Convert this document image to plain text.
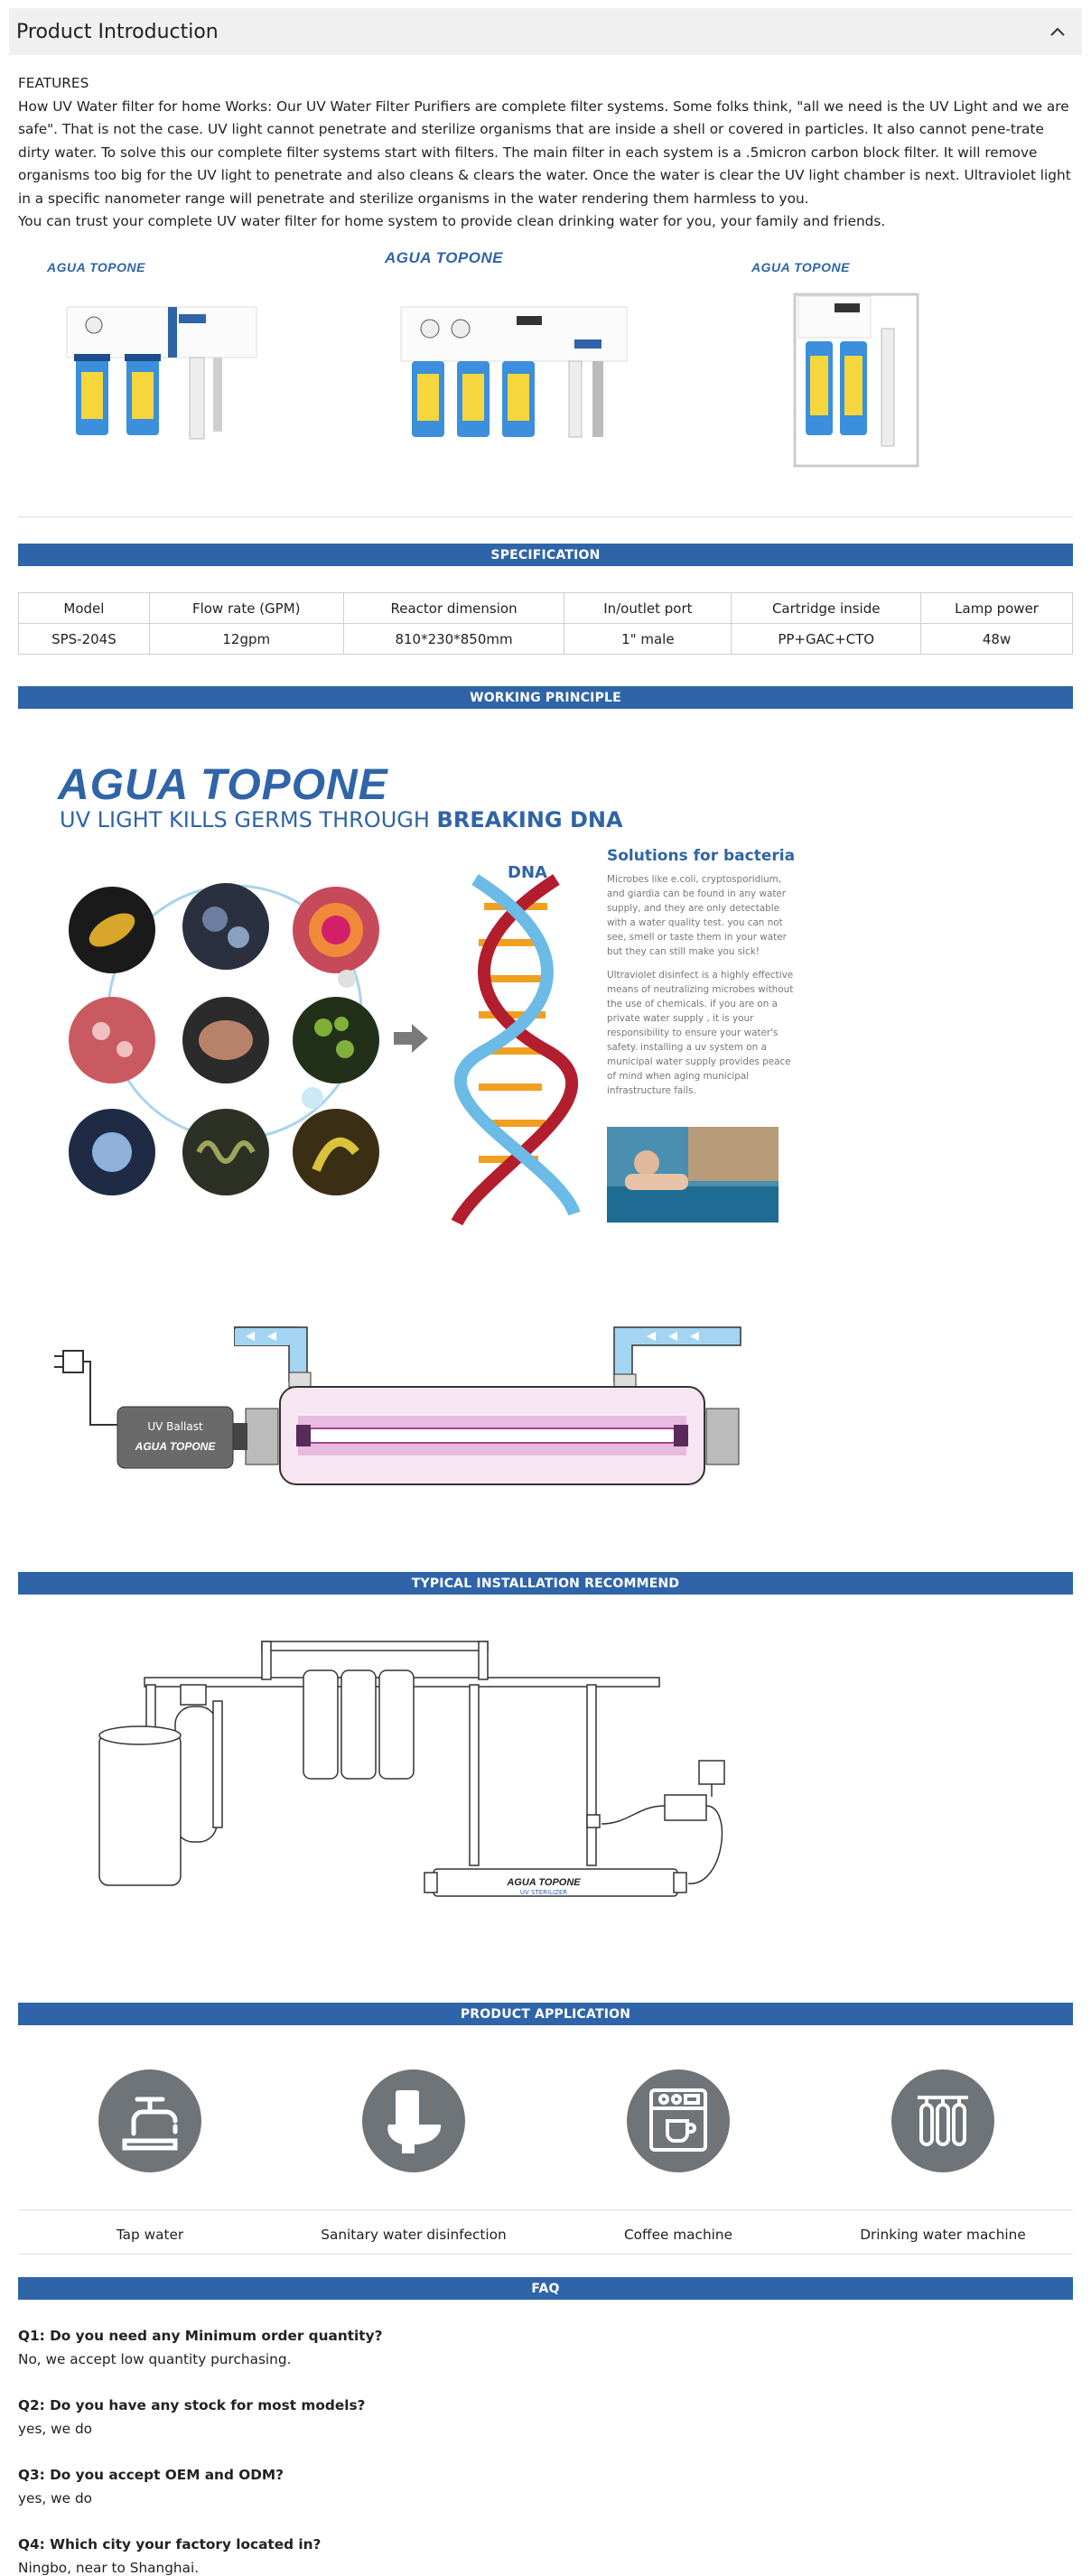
Product Introduction
FEATURES
How UV Water filter for home Works: Our UV Water Filter Purifiers are complete filter systems. Some folks think, "all we need is the UV Light and we are safe". That is not the case. UV light cannot penetrate and sterilize organisms that are inside a shell or covered in particles. It also cannot pene-trate dirty water. To solve this our complete filter systems start with filters. The main filter in each system is a .5micron carbon block filter. It will remove organisms too big for the UV light to penetrate and also cleans & clears the water. Once the water is clear the UV light chamber is next. Ultraviolet light in a specific nanometer range will penetrate and sterilize organisms in the water rendering them harmless to you.
You can trust your complete UV water filter for home system to provide clean drinking water for you, your family and friends.
AGUA TOPONE
AGUA TOPONE
AGUA TOPONE
SPECIFICATION
Model	Flow rate (GPM)	Reactor dimension	In/outlet port	Cartridge inside	Lamp power
SPS-204S	12gpm	810*230*850mm	1" male	PP+GAC+CTO	48w
WORKING PRINCIPLE
AGUA TOPONE
UV LIGHT KILLS GERMS THROUGH BREAKING DNA
DNA
Solutions for bacteria
Microbes like e.coli, cryptosporidium, and giardia can be found in any water supply, and they are only detectable with a water quality test. you can not see, smell or taste them in your water but they can still make you sick!
Ultraviolet disinfect is a highly effective means of neutralizing microbes without the use of chemicals. if you are on a private water supply , it is your responsibility to ensure your water's safety. installing a uv system on a municipal water supply provides peace of mind when aging municipal infrastructure fails.
UV Ballast
AGUA TOPONE
TYPICAL INSTALLATION RECOMMEND
AGUA TOPONE
UV STERILIZER
PRODUCT APPLICATION
Tap water	Sanitary water disinfection	Coffee machine	Drinking water machine
FAQ
Q1: Do you need any Minimum order quantity?
No, we accept low quantity purchasing.
Q2: Do you have any stock for most models?
yes, we do
Q3: Do you accept OEM and ODM?
yes, we do
Q4: Which city your factory located in?
Ningbo, near to Shanghai.
